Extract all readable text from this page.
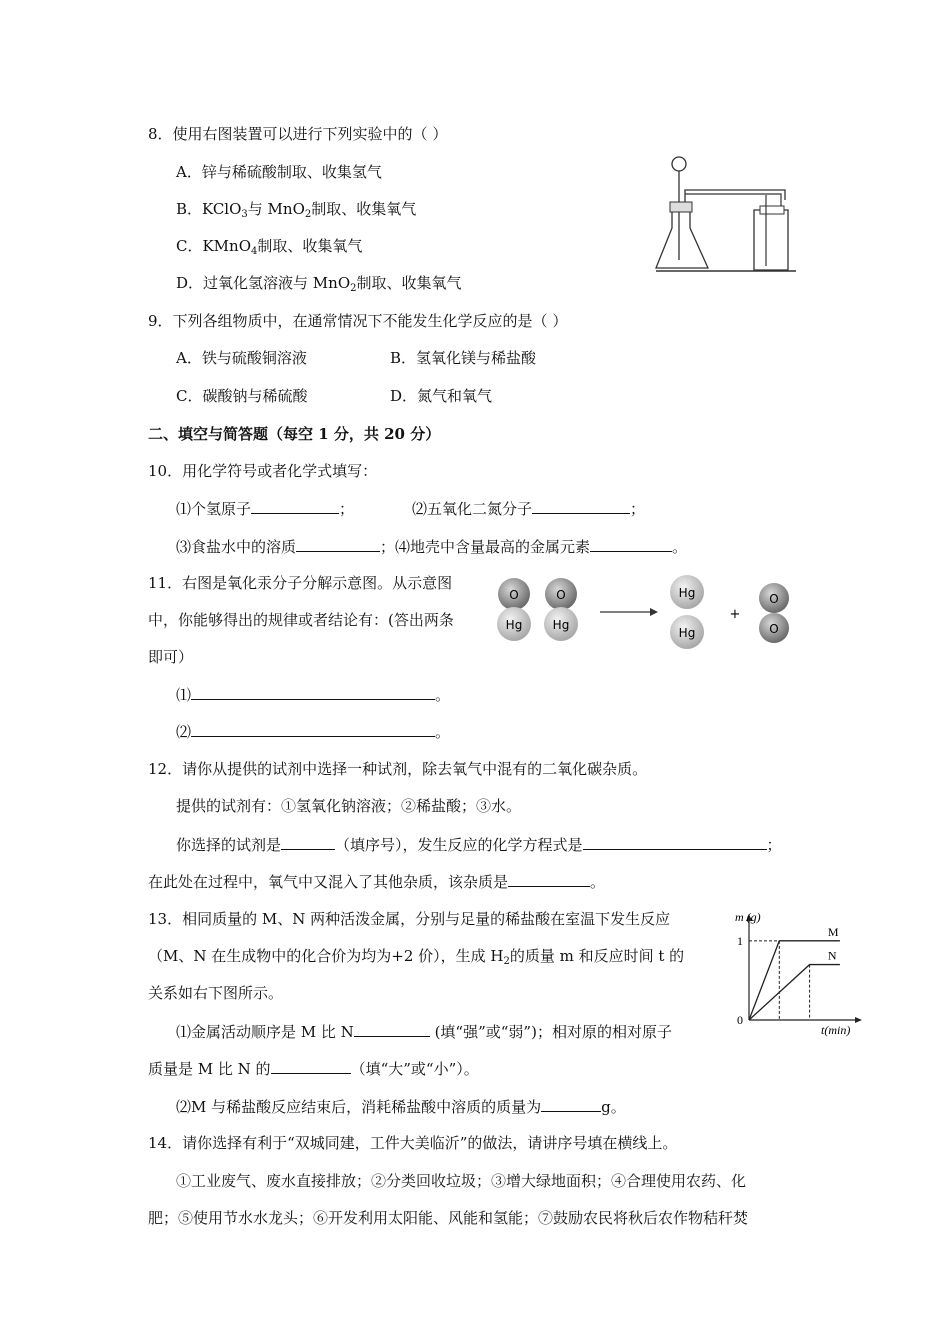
8．使用右图装置可以进行下列实验中的（ ）
A．锌与稀硫酸制取、收集氢气
B．KClO$_3$与 MnO$_2$制取、收集氧气
C．KMnO$_4$制取、收集氧气
D．过氧化氢溶液与 MnO$_2$制取、收集氧气
9．下列各组物质中，在通常情况下不能发生化学反应的是（ ）
A．铁与硫酸铜溶液	B．氢氧化镁与稀盐酸
C．碳酸钠与稀硫酸	D．氮气和氧气
二、填空与简答题（每空 1 分，共 20 分）
10．用化学符号或者化学式填写：
⑴个氢原子	；	⑵五氧化二氮分子	；
⑶食盐水中的溶质	；⑷地壳中含量最高的金属元素	。
11．右图是氧化汞分子分解示意图。从示意图
中，你能够得出的规律或者结论有：(答出两条
即可）
O
Hg
O
Hg
Hg
Hg
+
O
O
⑴	。
⑵	。
12．请你从提供的试剂中选择一种试剂，除去氧气中混有的二氧化碳杂质。
提供的试剂有：①氢氧化钠溶液；②稀盐酸；③水。
你选择的试剂是	（填序号），发生反应的化学方程式是	；
在此处在过程中，氧气中又混入了其他杂质，该杂质是	。
13．相同质量的 M、N 两种活泼金属，分别与足量的稀盐酸在室温下发生反应
（M、N 在生成物中的化合价为均为+2 价），生成 $H_2$的质量 m 和反应时间 t 的
关系如右下图所示。
⑴金属活动顺序是 M 比 N	(填“强”或“弱”)；相对原的相对原子
质量是 M 比 N 的	（填“大”或“小”）。
⑵M 与稀盐酸反应结束后，消耗稀盐酸中溶质的质量为	g。
m (g)
t(min)
0
1
M
N
14．请你选择有利于“双城同建，工件大美临沂”的做法，请讲序号填在横线上。
①工业废气、废水直接排放；②分类回收垃圾；③增大绿地面积；④合理使用农药、化
肥；⑤使用节水水龙头；⑥开发利用太阳能、风能和氢能；⑦鼓励农民将秋后农作物秸秆焚
